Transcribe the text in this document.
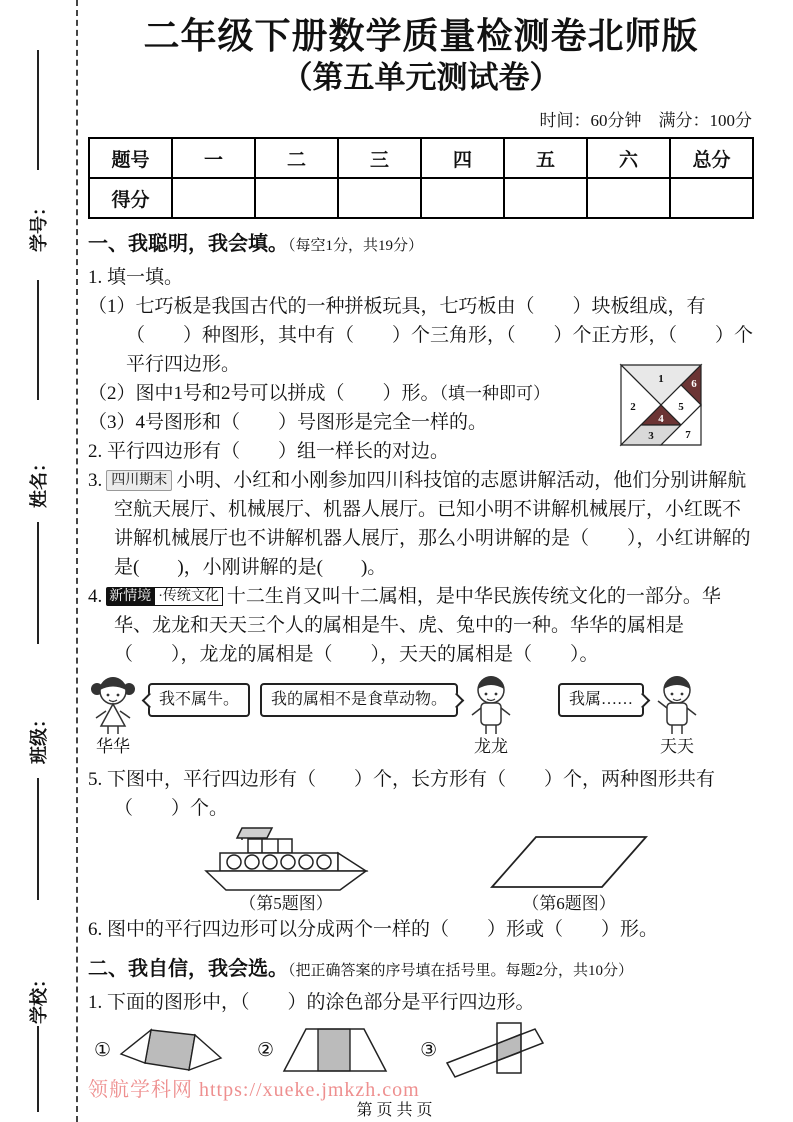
学号：
姓名：
班级：
学校：
二年级下册数学质量检测卷北师版
（第五单元测试卷）
时间：60分钟　满分：100分
题号	一	二	三	四	五	六	总分
得分							
一、我聪明，我会填。（每空1分，共19分）

1. 填一填。

（1）七巧板是我国古代的一种拼板玩具，七巧板由（　　）块板组成，有（　　）种图形，其中有（　　）个三角形，（　　）个正方形，（　　）个平行四边形。

（2）图中1号和2号可以拼成（　　）形。（填一种即可）

（3）4号图形和（　　）号图形是完全一样的。

1
2
3
4
5
6
7

2. 平行四边形有（　　）组一样长的对边。

3. 四川期末 小明、小红和小刚参加四川科技馆的志愿讲解活动，他们分别讲解航空航天展厅、机械展厅、机器人展厅。已知小明不讲解机械展厅，小红既不讲解机械展厅也不讲解机器人展厅，那么小明讲解的是（　　），小红讲解的是(　　)，小刚讲解的是(　　)。

4. 新情境 ·传统文化 十二生肖又叫十二属相，是中华民族传统文化的一部分。华华、龙龙和天天三个人的属相是牛、虎、兔中的一种。华华的属相是（　　），龙龙的属相是（　　），天天的属相是（　　）。

华华
我不属牛。	我的属相不是食草动物。
龙龙
我属……
天天

5. 下图中，平行四边形有（　　）个，长方形有（　　）个，两种图形共有（　　）个。

（第5题图）	（第6题图）

6. 图中的平行四边形可以分成两个一样的（　　）形或（　　）形。

二、我自信，我会选。（把正确答案的序号填在括号里。每题2分，共10分）

1. 下面的图形中，（　　）的涂色部分是平行四边形。

①	②	③
领航学科网 https://xueke.jmkzh.com
第页共页
